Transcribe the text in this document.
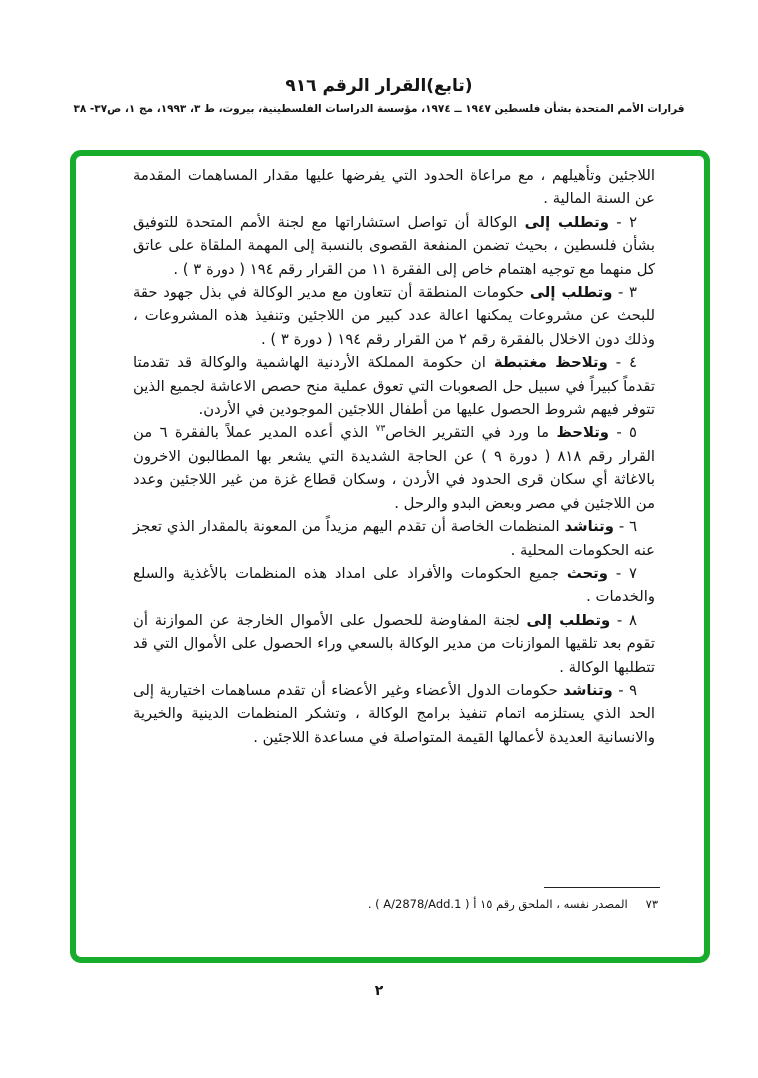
(تابع)القرار الرقم ٩١٦
قرارات الأمم المتحدة بشأن فلسطين ١٩٤٧ ــ ١٩٧٤، مؤسسة الدراسات الفلسطينية، بيروت، ط ٣، ١٩٩٣، مج ١، ص٣٧- ٣٨

اللاجئين وتأهيلهم ، مع مراعاة الحدود التي يفرضها عليها مقدار المساهمات المقدمة عن السنة المالية .

٢ - وتطلب إلى الوكالة أن تواصل استشاراتها مع لجنة الأمم المتحدة للتوفيق بشأن فلسطين ، بحيث تضمن المنفعة القصوى بالنسبة إلى المهمة الملقاة على عاتق كل منهما مع توجيه اهتمام خاص إلى الفقرة ١١ من القرار رقم ١٩٤ ( دورة ٣ ) .

٣ - وتطلب إلى حكومات المنطقة أن تتعاون مع مدير الوكالة في بذل جهود حقة للبحث عن مشروعات يمكنها اعالة عدد كبير من اللاجئين وتنفيذ هذه المشروعات ، وذلك دون الاخلال بالفقرة رقم ٢ من القرار رقم ١٩٤ ( دورة ٣ ) .

٤ - وتلاحظ مغتبطة ان حكومة المملكة الأردنية الهاشمية والوكالة قد تقدمتا تقدماً كبيراً في سبيل حل الصعوبات التي تعوق عملية منح حصص الاعاشة لجميع الذين تتوفر فيهم شروط الحصول عليها من أطفال اللاجئين الموجودين في الأردن.

٥ - وتلاحظ ما ورد في التقرير الخاص$^{٧٣}$ الذي أعده المدير عملاً بالفقرة ٦ من القرار رقم ٨١٨ ( دورة ٩ ) عن الحاجة الشديدة التي يشعر بها المطالبون الاخرون بالاغاثة أي سكان قرى الحدود في الأردن ، وسكان قطاع غزة من غير اللاجئين وعدد من اللاجئين في مصر وبعض البدو والرحل .

٦ - وتناشد المنظمات الخاصة أن تقدم اليهم مزيداً من المعونة بالمقدار الذي تعجز عنه الحكومات المحلية .

٧ - وتحث جميع الحكومات والأفراد على امداد هذه المنظمات بالأغذية والسلع والخدمات .

٨ - وتطلب إلى لجنة المفاوضة للحصول على الأموال الخارجة عن الموازنة أن تقوم بعد تلقيها الموازنات من مدير الوكالة بالسعي وراء الحصول على الأموال التي قد تتطلبها الوكالة .

٩ - وتناشد حكومات الدول الأعضاء وغير الأعضاء أن تقدم مساهمات اختيارية إلى الحد الذي يستلزمه اتمام تنفيذ برامج الوكالة ، وتشكر المنظمات الدينية والخيرية والانسانية العديدة لأعمالها القيمة المتواصلة في مساعدة اللاجئين .

٧٣المصدر نفسه ، الملحق رقم ١٥ أ ( A/2878/Add.1 ) .
٢
